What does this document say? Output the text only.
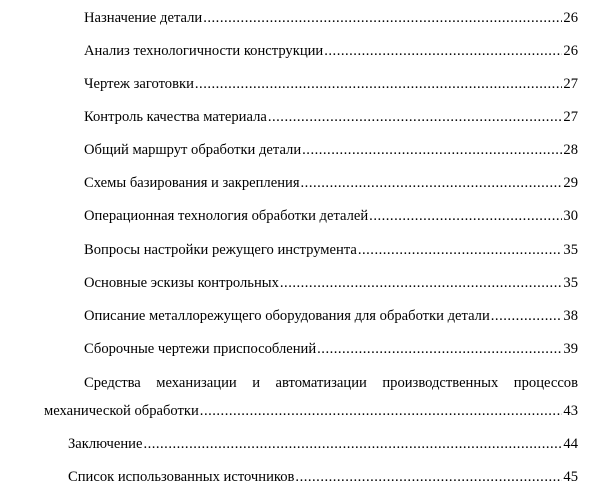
Назначение детали .....	26
Анализ технологичности конструкции .....	26
Чертеж заготовки .....	27
Контроль качества материала .....	27
Общий маршрут обработки детали .....	28
Схемы базирования и закрепления .....	29
Операционная технология обработки деталей .....	30
Вопросы настройки режущего инструмента .....	35
Основные эскизы контрольных .....	35
Описание металлорежущего оборудования для обработки детали .....	38
Сборочные чертежи приспособлений .....	39
Средства механизации и автоматизации производственных процессов
механической обработки .....	43
Заключение .....	44
Список использованных источников .....	45
